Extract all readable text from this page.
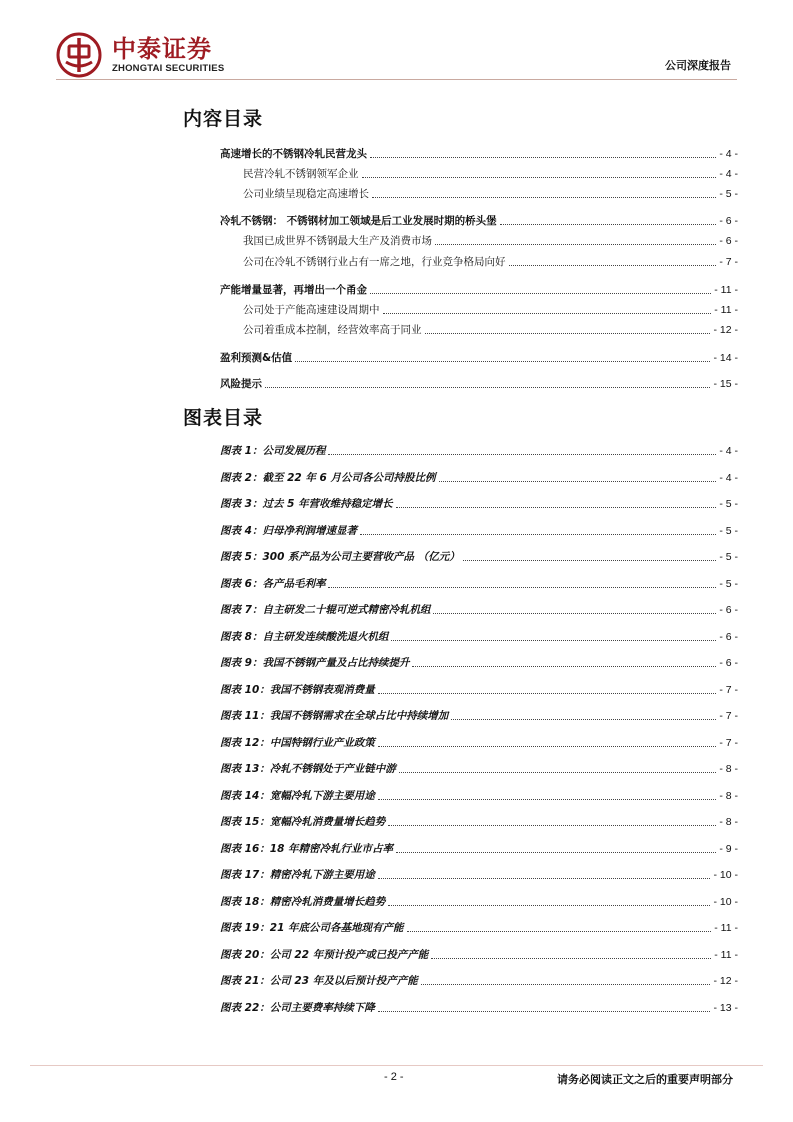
中泰证券
ZHONGTAI SECURITIES	公司深度报告
内容目录
高速增长的不锈钢冷轧民营龙头	- 4 -
民营冷轧不锈钢领军企业	- 4 -
公司业绩呈现稳定高速增长	- 5 -
冷轧不锈钢： 不锈钢材加工领域是后工业发展时期的桥头堡	- 6 -
我国已成世界不锈钢最大生产及消费市场	- 6 -
公司在冷轧不锈钢行业占有一席之地，行业竞争格局向好	- 7 -
产能增量显著，再增出一个甬金	- 11 -
公司处于产能高速建设周期中	- 11 -
公司着重成本控制，经营效率高于同业	- 12 -
盈利预测&估值	- 14 -
风险提示	- 15 -
图表目录
图表 1：公司发展历程	- 4 -
图表 2：截至 22 年 6 月公司各公司持股比例	- 4 -
图表 3：过去 5 年营收维持稳定增长	- 5 -
图表 4：归母净利润增速显著	- 5 -
图表 5：300 系产品为公司主要营收产品 （亿元）	- 5 -
图表 6：各产品毛利率	- 5 -
图表 7：自主研发二十辊可逆式精密冷轧机组	- 6 -
图表 8：自主研发连续酸洗退火机组	- 6 -
图表 9：我国不锈钢产量及占比持续提升	- 6 -
图表 10：我国不锈钢表观消费量	- 7 -
图表 11：我国不锈钢需求在全球占比中持续增加	- 7 -
图表 12：中国特钢行业产业政策	- 7 -
图表 13：冷轧不锈钢处于产业链中游	- 8 -
图表 14：宽幅冷轧下游主要用途	- 8 -
图表 15：宽幅冷轧消费量增长趋势	- 8 -
图表 16：18 年精密冷轧行业市占率	- 9 -
图表 17：精密冷轧下游主要用途	- 10 -
图表 18：精密冷轧消费量增长趋势	- 10 -
图表 19：21 年底公司各基地现有产能	- 11 -
图表 20：公司 22 年预计投产或已投产产能	- 11 -
图表 21：公司 23 年及以后预计投产产能	- 12 -
图表 22：公司主要费率持续下降	- 13 -
- 2 -	请务必阅读正文之后的重要声明部分
